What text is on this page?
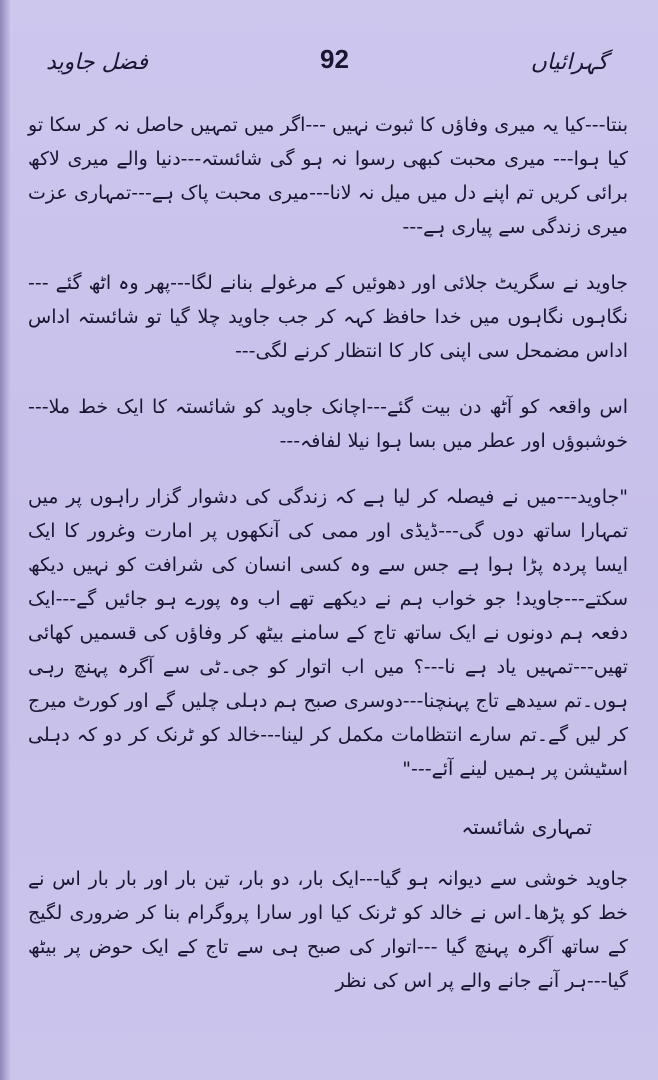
فضل جاوید	92	گہرائیاں

بنتا---کیا یہ میری وفاؤں کا ثبوت نہیں ---اگر میں تمہیں حاصل نہ کر سکا تو کیا ہوا--- میری محبت کبھی رسوا نہ ہو گی شائستہ---دنیا والے میری لاکھ برائی کریں تم اپنے دل میں میل نہ لانا---میری محبت پاک ہے---تمہاری عزت میری زندگی سے پیاری ہے---

جاوید نے سگریٹ جلائی اور دھوئیں کے مرغولے بنانے لگا---پھر وہ اٹھ گئے ---نگاہوں نگاہوں میں خدا حافظ کہہ کر جب جاوید چلا گیا تو شائستہ اداس اداس مضمحل سی اپنی کار کا انتظار کرنے لگی---

اس واقعہ کو آٹھ دن بیت گئے---اچانک جاوید کو شائستہ کا ایک خط ملا---خوشبوؤں اور عطر میں بسا ہوا نیلا لفافہ---

"جاوید---میں نے فیصلہ کر لیا ہے کہ زندگی کی دشوار گزار راہوں پر میں تمہارا ساتھ دوں گی---ڈیڈی اور ممی کی آنکھوں پر امارت وغرور کا ایک ایسا پردہ پڑا ہوا ہے جس سے وہ کسی انسان کی شرافت کو نہیں دیکھ سکتے---جاوید! جو خواب ہم نے دیکھے تھے اب وہ پورے ہو جائیں گے---ایک دفعہ ہم دونوں نے ایک ساتھ تاج کے سامنے بیٹھ کر وفاؤں کی قسمیں کھائی تھیں---تمہیں یاد ہے نا---؟ میں اب اتوار کو جی۔ٹی سے آگرہ پہنچ رہی ہوں۔تم سیدھے تاج پہنچنا---دوسری صبح ہم دہلی چلیں گے اور کورٹ میرج کر لیں گے۔تم سارے انتظامات مکمل کر لینا---خالد کو ٹرنک کر دو کہ دہلی اسٹیشن پر ہمیں لینے آئے---"

تمہاری شائستہ

جاوید خوشی سے دیوانہ ہو گیا---ایک بار، دو بار، تین بار اور بار بار اس نے خط کو پڑھا۔اس نے خالد کو ٹرنک کیا اور سارا پروگرام بنا کر ضروری لگیج کے ساتھ آگرہ پہنچ گیا ---اتوار کی صبح ہی سے تاج کے ایک حوض پر بیٹھ گیا---ہر آنے جانے والے پر اس کی نظر
